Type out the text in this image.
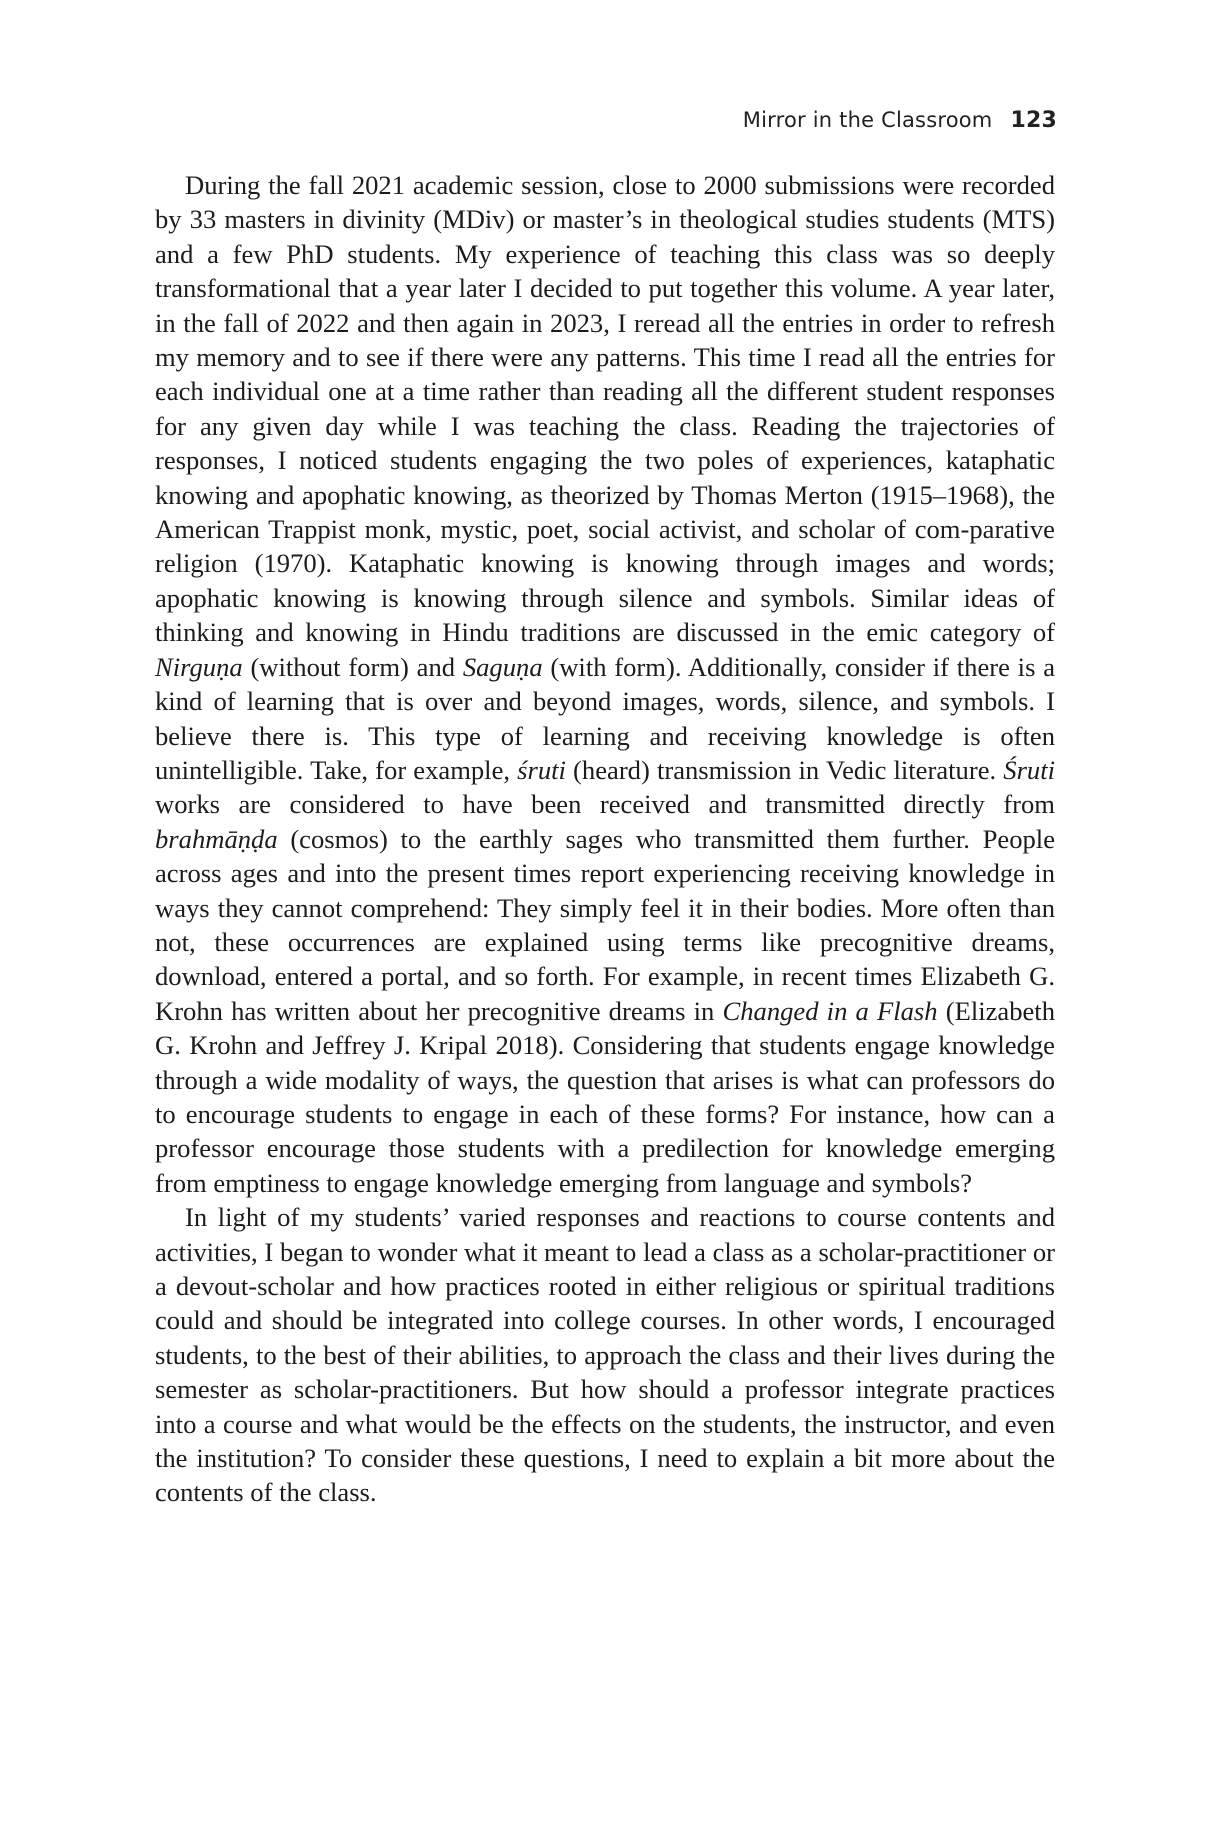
Mirror in the Classroom 123

During the fall 2021 academic session, close to 2000 submissions were recorded by 33 masters in divinity (MDiv) or master’s in theological studies students (MTS) and a few PhD students. My experience of teaching this class was so deeply transformational that a year later I decided to put together this volume. A year later, in the fall of 2022 and then again in 2023, I reread all the entries in order to refresh my memory and to see if there were any patterns. This time I read all the entries for each individual one at a time rather than reading all the different student responses for any given day while I was teaching the class. Reading the trajectories of responses, I noticed students engaging the two poles of experiences, kataphatic knowing and apophatic knowing, as theorized by Thomas Merton (1915–1968), the American Trappist monk, mystic, poet, social activist, and scholar of com-parative religion (1970). Kataphatic knowing is knowing through images and words; apophatic knowing is knowing through silence and symbols. Similar ideas of thinking and knowing in Hindu traditions are discussed in the emic category of Nirguṇa (without form) and Saguṇa (with form). Additionally, consider if there is a kind of learning that is over and beyond images, words, silence, and symbols. I believe there is. This type of learning and receiving knowledge is often unintelligible. Take, for example, śruti (heard) transmission in Vedic literature. Śruti works are considered to have been received and transmitted directly from brahmāṇḍa (cosmos) to the earthly sages who transmitted them further. People across ages and into the present times report experiencing receiving knowledge in ways they cannot comprehend: They simply feel it in their bodies. More often than not, these occurrences are explained using terms like precognitive dreams, download, entered a portal, and so forth. For example, in recent times Elizabeth G. Krohn has written about her precognitive dreams in Changed in a Flash (Elizabeth G. Krohn and Jeffrey J. Kripal 2018). Considering that students engage knowledge through a wide modality of ways, the question that arises is what can professors do to encourage students to engage in each of these forms? For instance, how can a professor encourage those students with a predilection for knowledge emerging from emptiness to engage knowledge emerging from language and symbols?

In light of my students’ varied responses and reactions to course contents and activities, I began to wonder what it meant to lead a class as a scholar-practitioner or a devout-scholar and how practices rooted in either religious or spiritual traditions could and should be integrated into college courses. In other words, I encouraged students, to the best of their abilities, to approach the class and their lives during the semester as scholar-practitioners. But how should a professor integrate practices into a course and what would be the effects on the students, the instructor, and even the institution? To consider these questions, I need to explain a bit more about the contents of the class.
